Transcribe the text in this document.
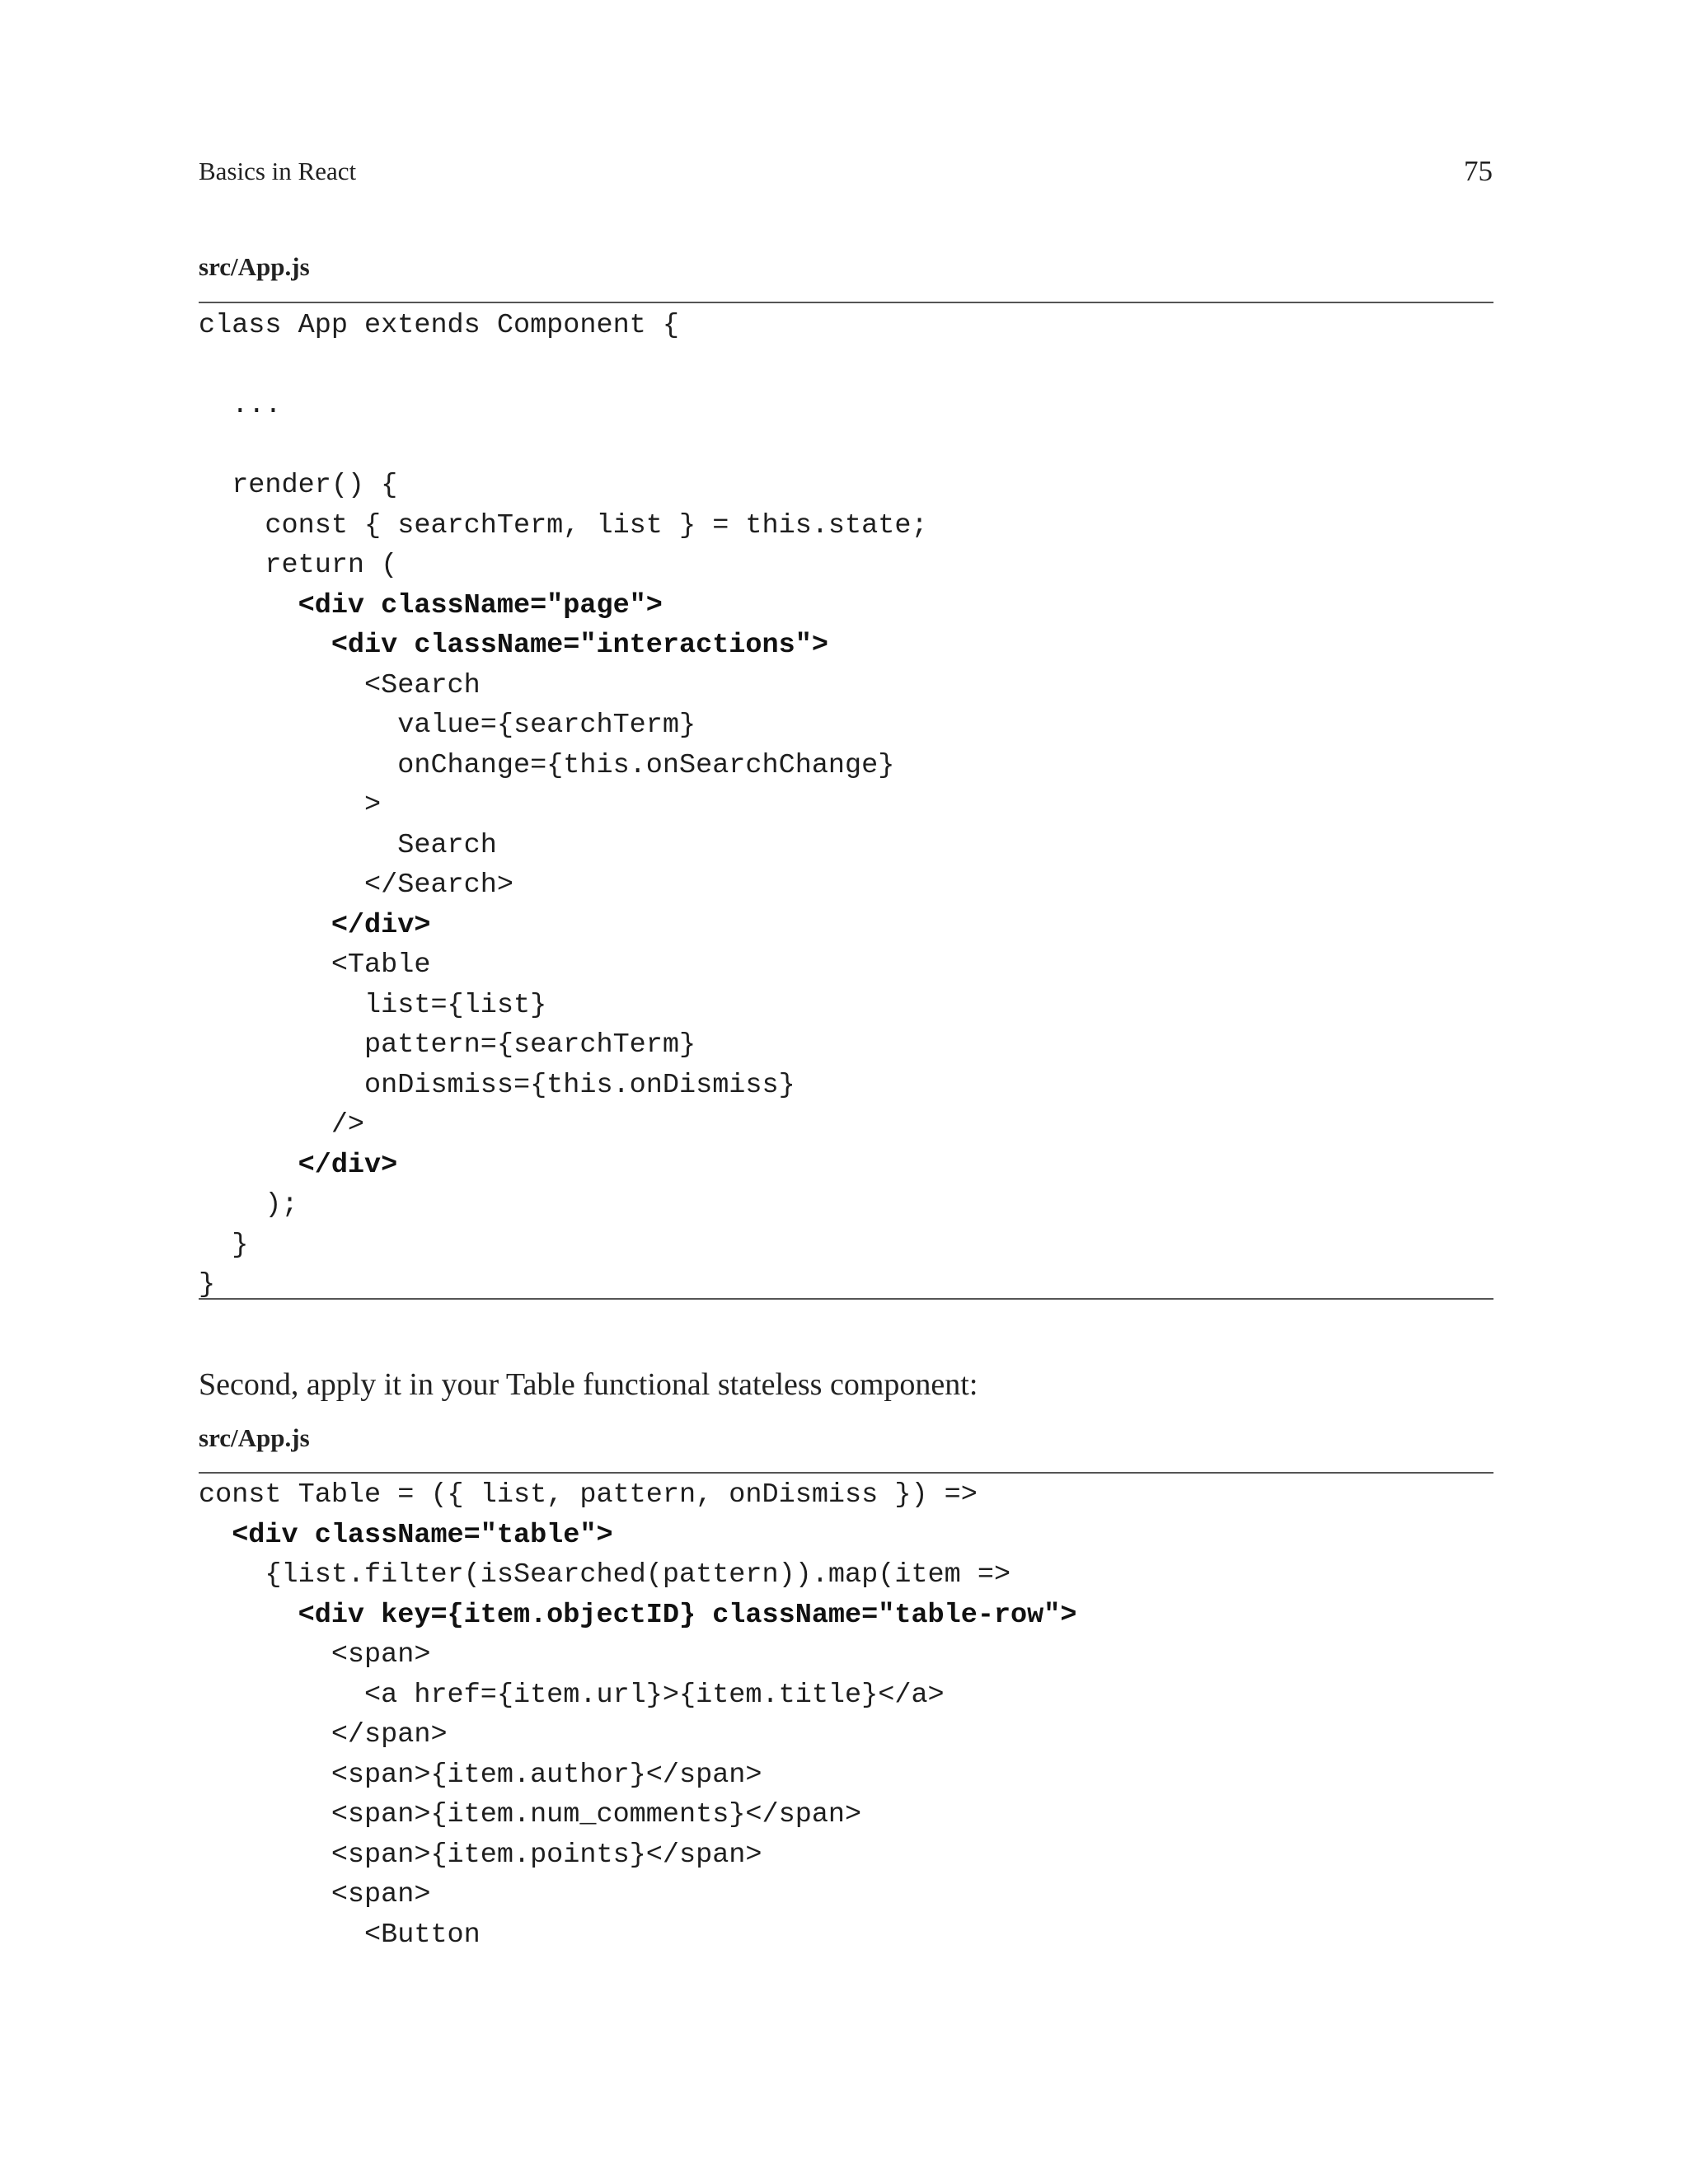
Basics in React	75
src/App.js
class App extends Component {
...
render() {
const { searchTerm, list } = this.state;
return (
<div className="page">
<div className="interactions">
<Search
value={searchTerm}
onChange={this.onSearchChange}
>
Search
</Search>
</div>
<Table
list={list}
pattern={searchTerm}
onDismiss={this.onDismiss}
/>
</div>
);
}
}
Second, apply it in your Table functional stateless component:
src/App.js
const Table = ({ list, pattern, onDismiss }) =>
<div className="table">
{list.filter(isSearched(pattern)).map(item =>
<div key={item.objectID} className="table-row">
<span>
<a href={item.url}>{item.title}</a>
</span>
<span>{item.author}</span>
<span>{item.num_comments}</span>
<span>{item.points}</span>
<span>
<Button
